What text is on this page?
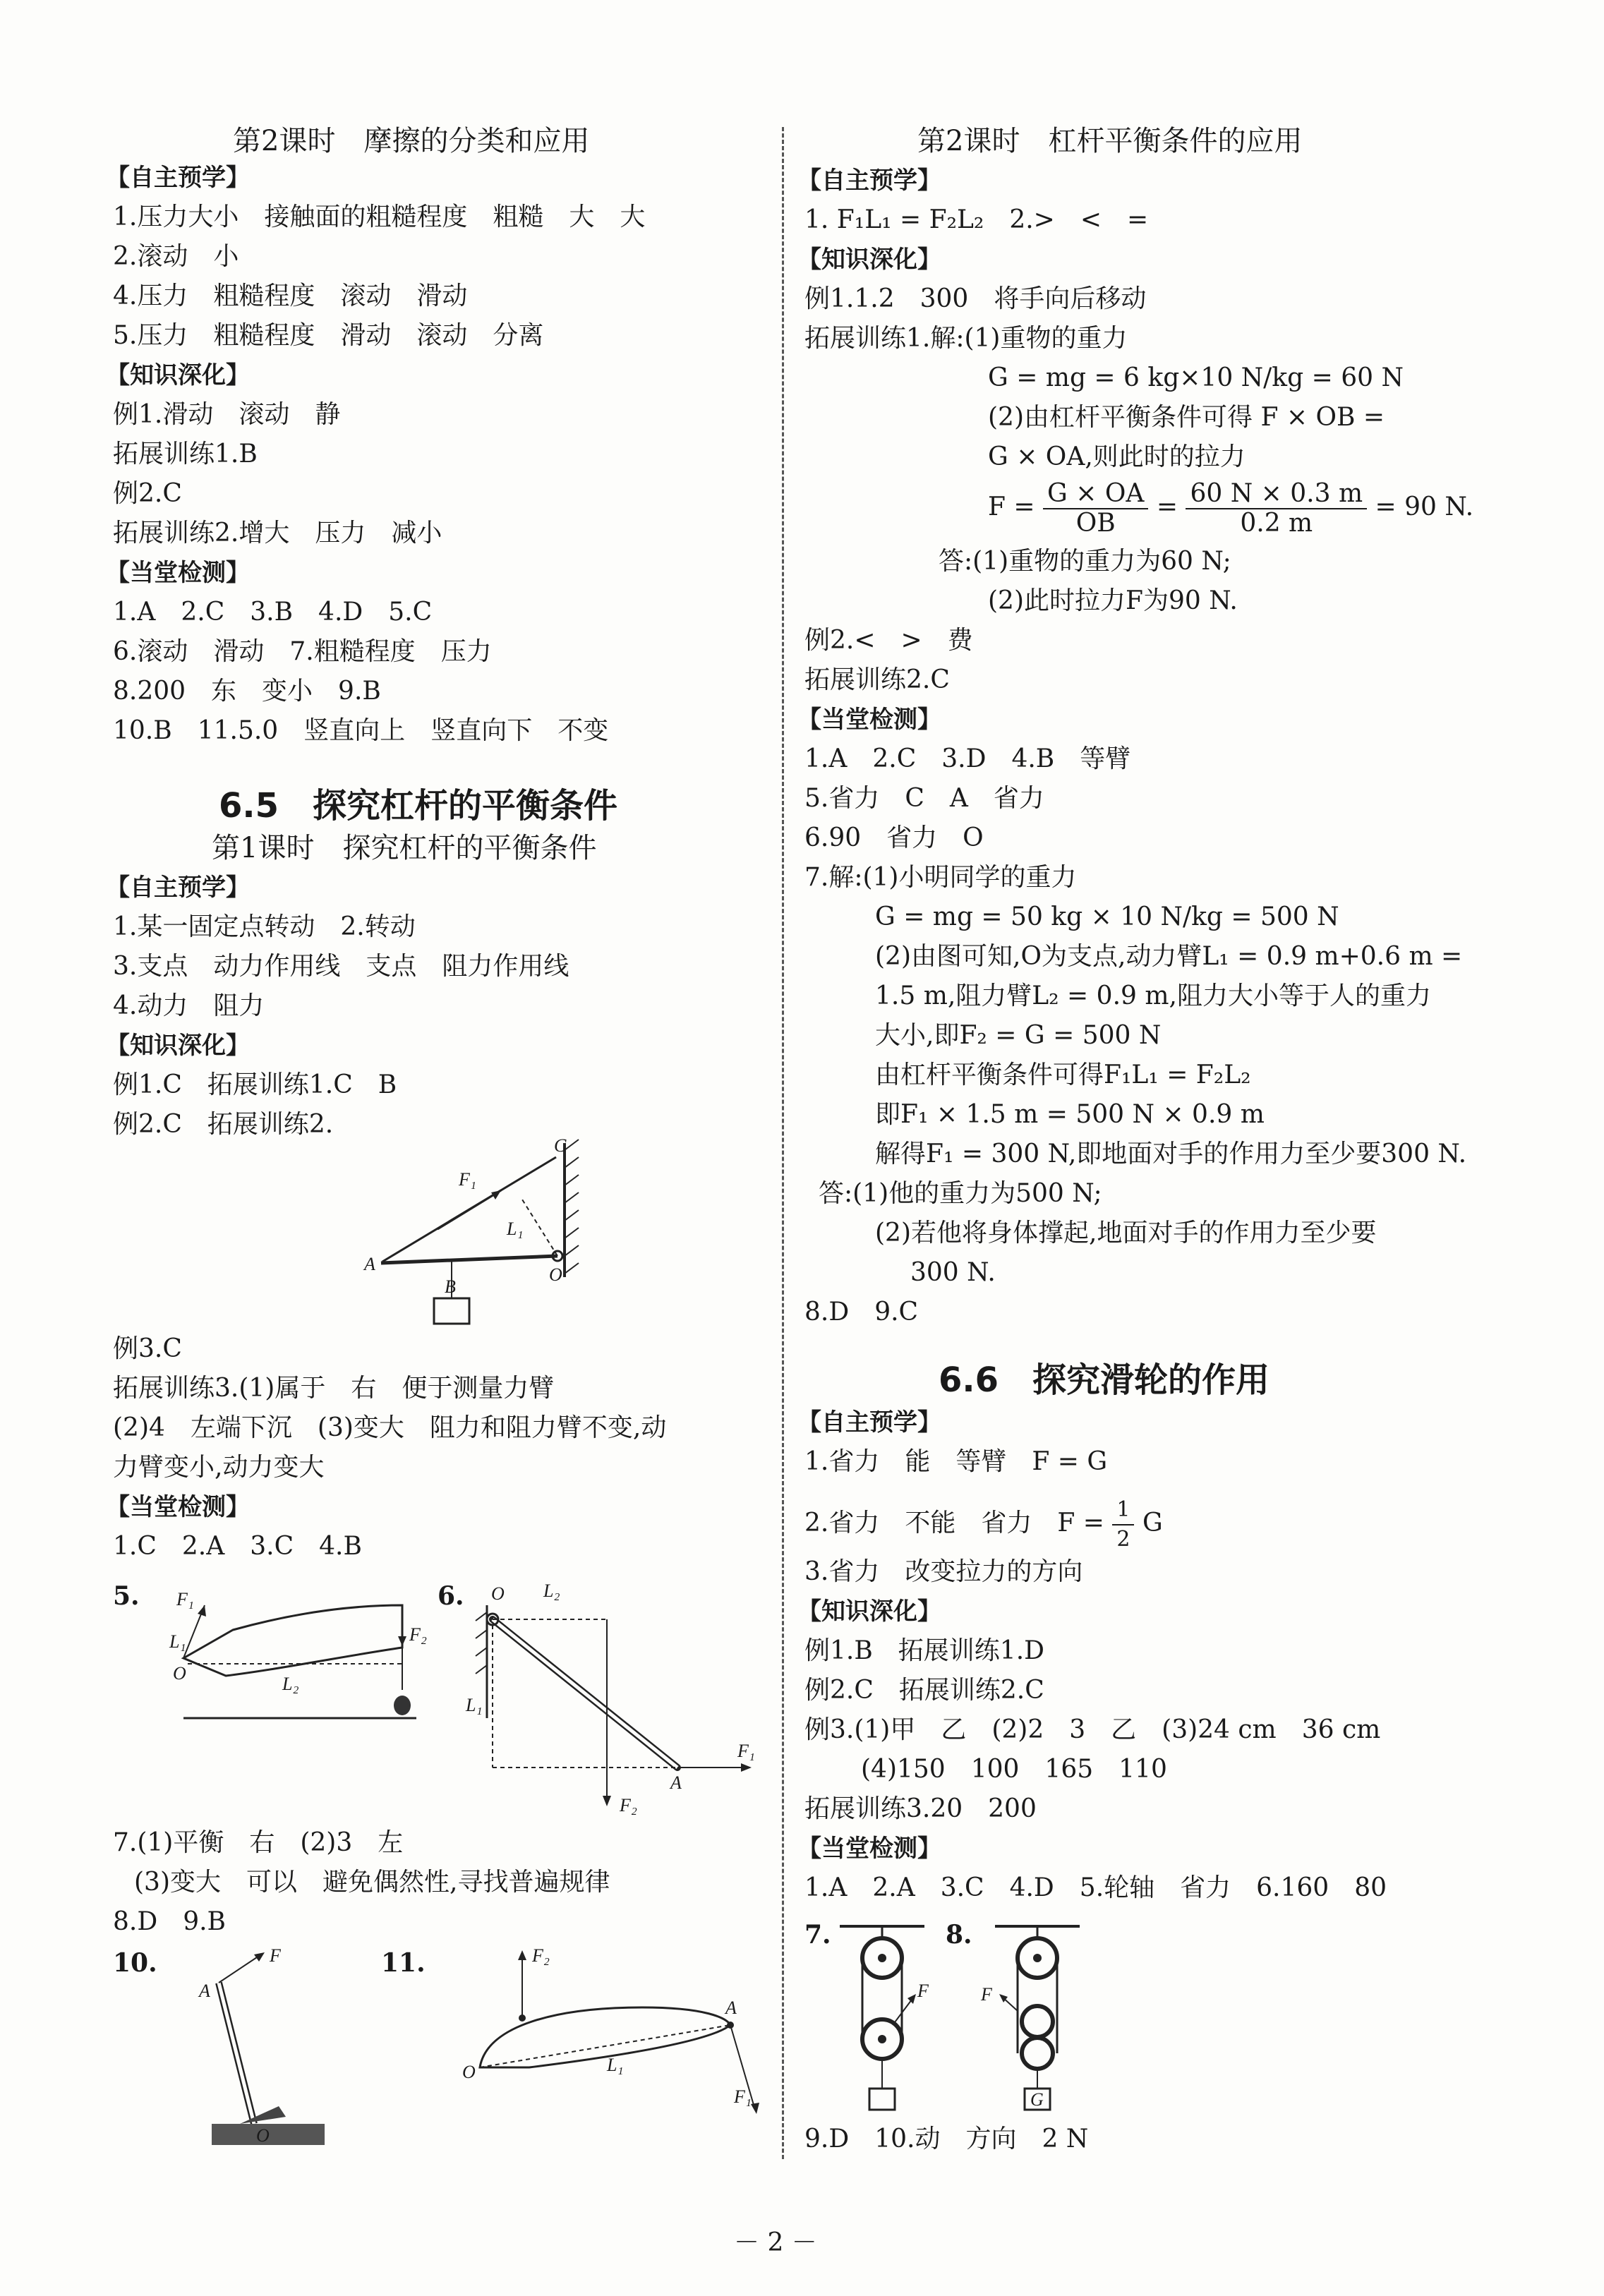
第2课时　摩擦的分类和应用
【自主预学】
1.压力大小　接触面的粗糙程度　粗糙　大　大
2.滚动　小
4.压力　粗糙程度　滚动　滑动
5.压力　粗糙程度　滑动　滚动　分离
【知识深化】
例1.滑动　滚动　静
拓展训练1.B
例2.C
拓展训练2.增大　压力　减小
【当堂检测】
1.A　2.C　3.B　4.D　5.C
6.滚动　滑动　7.粗糙程度　压力
8.200　东　变小　9.B
10.B　11.5.0　竖直向上　竖直向下　不变
6.5　探究杠杆的平衡条件
第1课时　探究杠杆的平衡条件
【自主预学】
1.某一固定点转动　2.转动
3.支点　动力作用线　支点　阻力作用线
4.动力　阻力
【知识深化】
例1.C　拓展训练1.C　B
例2.C　拓展训练2.
A
B
C
O
F₁
L₁
例3.C
拓展训练3.(1)属于　右　便于测量力臂
(2)4　左端下沉　(3)变大　阻力和阻力臂不变,动
力臂变小,动力变大
【当堂检测】
1.C　2.A　3.C　4.B
5. F₁
L₁
O
F₂
L₂
6. O L₂
L₁
F₁
A
F₂
7.(1)平衡　右　(2)3　左
(3)变大　可以　避免偶然性,寻找普遍规律
8.D　9.B
10.	F
A
O
11.	F₂
A
O	L₁
F₁
第2课时　杠杆平衡条件的应用
【自主预学】
1. F₁L₁ = F₂L₂　2.>　<　=
【知识深化】
例1.1.2　300　将手向后移动
拓展训练1.解:(1)重物的重力
G = mg = 6 kg×10 N/kg = 60 N
(2)由杠杆平衡条件可得 F × OB =
G × OA,则此时的拉力
$F = \frac{G \times OA}{OB} = \frac{60 N \times 0.3 m}{0.2 m} = 90$ N.
答:(1)重物的重力为60 N;
(2)此时拉力F为90 N.
例2.<　>　费
拓展训练2.C
【当堂检测】
1.A　2.C　3.D　4.B　等臂
5.省力　C　A　省力
6.90　省力　O
7.解:(1)小明同学的重力
G = mg = 50 kg × 10 N/kg = 500 N
(2)由图可知,O为支点,动力臂L₁ = 0.9 m+0.6 m =
1.5 m,阻力臂L₂ = 0.9 m,阻力大小等于人的重力
大小,即F₂ = G = 500 N
由杠杆平衡条件可得F₁L₁ = F₂L₂
即F₁ × 1.5 m = 500 N × 0.9 m
解得F₁ = 300 N,即地面对手的作用力至少要300 N.
答:(1)他的重力为500 N;
(2)若他将身体撑起,地面对手的作用力至少要
300 N.
8.D　9.C
6.6　探究滑轮的作用
【自主预学】
1.省力　能　等臂　F = G
2.省力　不能　省力　$F = \frac{1}{2}$ G
3.省力　改变拉力的方向
【知识深化】
例1.B　拓展训练1.D
例2.C　拓展训练2.C
例3.(1)甲　乙　(2)2　3　乙　(3)24 cm　36 cm
(4)150　100　165　110
拓展训练3.20　200
【当堂检测】
1.A　2.A　3.C　4.D　5.轮轴　省力　6.160　80
7.
F
8.
F
G
9.D　10.动　方向　2 N
－ 2 －
